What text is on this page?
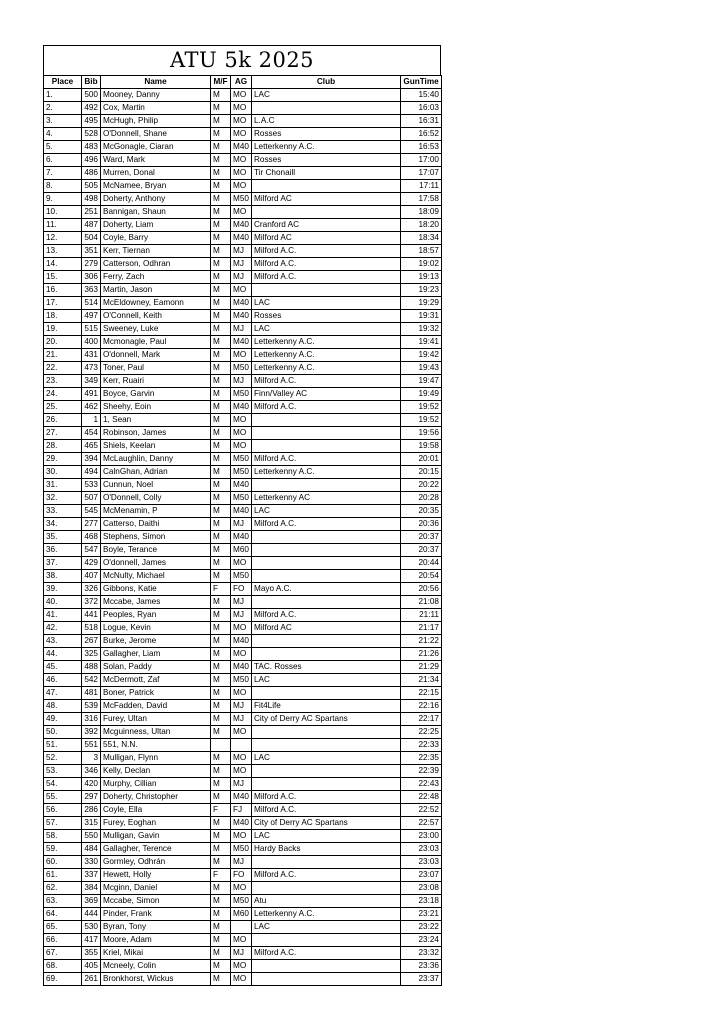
ATU 5k 2025
Place	Bib	Name	M/F	AG	Club	GunTime
1.	500	Mooney, Danny	M	MO	LAC	15:40
2.	492	Cox, Martin	M	MO		16:03
3.	495	McHugh, Philip	M	MO	L.A.C	16:31
4.	528	O'Donnell, Shane	M	MO	Rosses	16:52
5.	483	McGonagle, Ciaran	M	M40	Letterkenny A.C.	16:53
6.	496	Ward, Mark	M	MO	Rosses	17:00
7.	486	Murren, Donal	M	MO	Tir Chonaill	17:07
8.	505	McNamee, Bryan	M	MO		17:11
9.	498	Doherty, Anthony	M	M50	Milford AC	17:58
10.	251	Bannigan, Shaun	M	MO		18:09
11.	487	Doherty, Liam	M	M40	Cranford AC	18:20
12.	504	Coyle, Barry	M	M40	Milford AC	18:34
13.	351	Kerr, Tiernan	M	MJ	Milford A.C.	18:57
14.	279	Catterson, Odhran	M	MJ	Milford A.C.	19:02
15.	306	Ferry, Zach	M	MJ	Milford A.C.	19:13
16.	363	Martin, Jason	M	MO		19:23
17.	514	McEldowney, Eamonn	M	M40	LAC	19:29
18.	497	O'Connell, Keith	M	M40	Rosses	19:31
19.	515	Sweeney, Luke	M	MJ	LAC	19:32
20.	400	Mcmonagle, Paul	M	M40	Letterkenny A.C.	19:41
21.	431	O'donnell, Mark	M	MO	Letterkenny A.C.	19:42
22.	473	Toner, Paul	M	M50	Letterkenny A.C.	19:43
23.	349	Kerr, Ruairi	M	MJ	Milford A.C.	19:47
24.	491	Boyce, Garvin	M	M50	Finn/Valley AC	19:49
25.	462	Sheehy, Eoin	M	M40	Milford A.C.	19:52
26.	1	1, Sean	M	MO		19:52
27.	454	Robinson, James	M	MO		19:56
28.	465	Shiels, Keelan	M	MO		19:58
29.	394	McLaughlin, Danny	M	M50	Milford A.C.	20:01
30.	494	CalnGhan, Adrian	M	M50	Letterkenny A.C.	20:15
31.	533	Cunnun, Noel	M	M40		20:22
32.	507	O'Donnell, Colly	M	M50	Letterkenny AC	20:28
33.	545	McMenamin, P	M	M40	LAC	20:35
34.	277	Catterso, Daithi	M	MJ	Milford A.C.	20:36
35.	468	Stephens, Simon	M	M40		20:37
36.	547	Boyle, Terance	M	M60		20:37
37.	429	O'donnell, James	M	MO		20:44
38.	407	McNulty, Michael	M	M50		20:54
39.	326	Gibbons, Katie	F	FO	Mayo A.C.	20:56
40.	372	Mccabe, James	M	MJ		21:08
41.	441	Peoples, Ryan	M	MJ	Milford A.C.	21:11
42.	518	Logue, Kevin	M	MO	Milford AC	21:17
43.	267	Burke, Jerome	M	M40		21:22
44.	325	Gallagher, Liam	M	MO		21:26
45.	488	Solan, Paddy	M	M40	TAC. Rosses	21:29
46.	542	McDermott, Zaf	M	M50	LAC	21:34
47.	481	Boner, Patrick	M	MO		22:15
48.	539	McFadden, David	M	MJ	Fit4Life	22:16
49.	316	Furey, Ultan	M	MJ	City of Derry AC Spartans	22:17
50.	392	Mcguinness, Ultan	M	MO		22:25
51.	551	551, N.N.				22:33
52.	3	Mulligan, Flynn	M	MO	LAC	22:35
53.	346	Kelly, Declan	M	MO		22:39
54.	420	Murphy, Cillian	M	MJ		22:43
55.	297	Doherty, Christopher	M	M40	Milford A.C.	22:48
56.	286	Coyle, Ella	F	FJ	Milford A.C.	22:52
57.	315	Furey, Eoghan	M	M40	City of Derry AC Spartans	22:57
58.	550	Mulligan, Gavin	M	MO	LAC	23:00
59.	484	Gallagher, Terence	M	M50	Hardy Backs	23:03
60.	330	Gormley, Odhrán	M	MJ		23:03
61.	337	Hewett, Holly	F	FO	Milford A.C.	23:07
62.	384	Mcginn, Daniel	M	MO		23:08
63.	369	Mccabe, Simon	M	M50	Atu	23:18
64.	444	Pinder, Frank	M	M60	Letterkenny A.C.	23:21
65.	530	Byran, Tony	M		LAC	23:22
66.	417	Moore, Adam	M	MO		23:24
67.	355	Kriel, Mikai	M	MJ	Milford A.C.	23:32
68.	405	Mcneely, Colin	M	MO		23:36
69.	261	Bronkhorst, Wickus	M	MO		23:37
